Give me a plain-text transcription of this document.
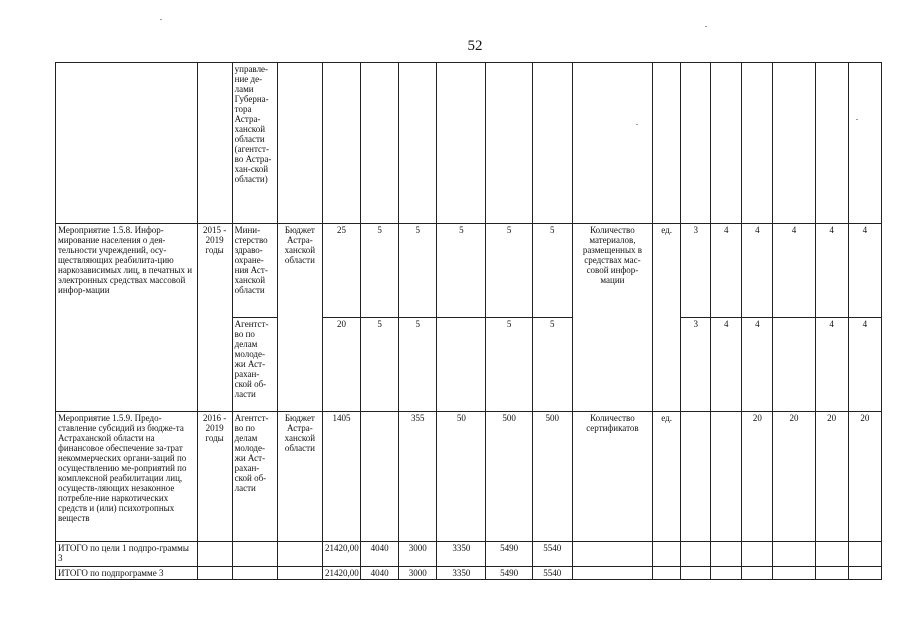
52
		управле-ние де-лами Губерна-тора Астра-ханской области (агентст-во Астра-хан-ской области)															
Мероприятие 1.5.8. Инфор-мирование населения о дея-тельности учреждений, осу-ществляющих реабилита-цию наркозависимых лиц, в печатных и электронных средствах массовой инфор-мации	2015 - 2019 годы	Мини-стерство здраво-охране-ния Аст-ханской области	Бюджет Астра-ханской области	25	5	5	5	5	5	Количество материалов, размещенных в средствах мас-совой инфор-мации	ед.	3	4	4	4	4	4
		Агентст-во по делам молоде-жи Аст-рахан-ской об-ласти		20	5	5		5	5			3	4	4		4	4
Мероприятие 1.5.9. Предо-ставление субсидий из бюдже-та Астраханской области на финансовое обеспечение за-трат некоммерческих органи-заций по осуществлению ме-роприятий по комплексной реабилитации лиц, осуществ-ляющих незаконное потребле-ние наркотических средств и (или) психотропных веществ	2016 - 2019 годы	Агентст-во по делам молоде-жи Аст-рахан-ской об-ласти	Бюджет Астра-ханской области	1405		355	50	500	500	Количество сертификатов	ед.			20	20	20	20
ИТОГО по цели 1 подпро-граммы 3				21420,00	4040	3000	3350	5490	5540								
ИТОГО по подпрограмме 3				21420,00	4040	3000	3350	5490	5540								
